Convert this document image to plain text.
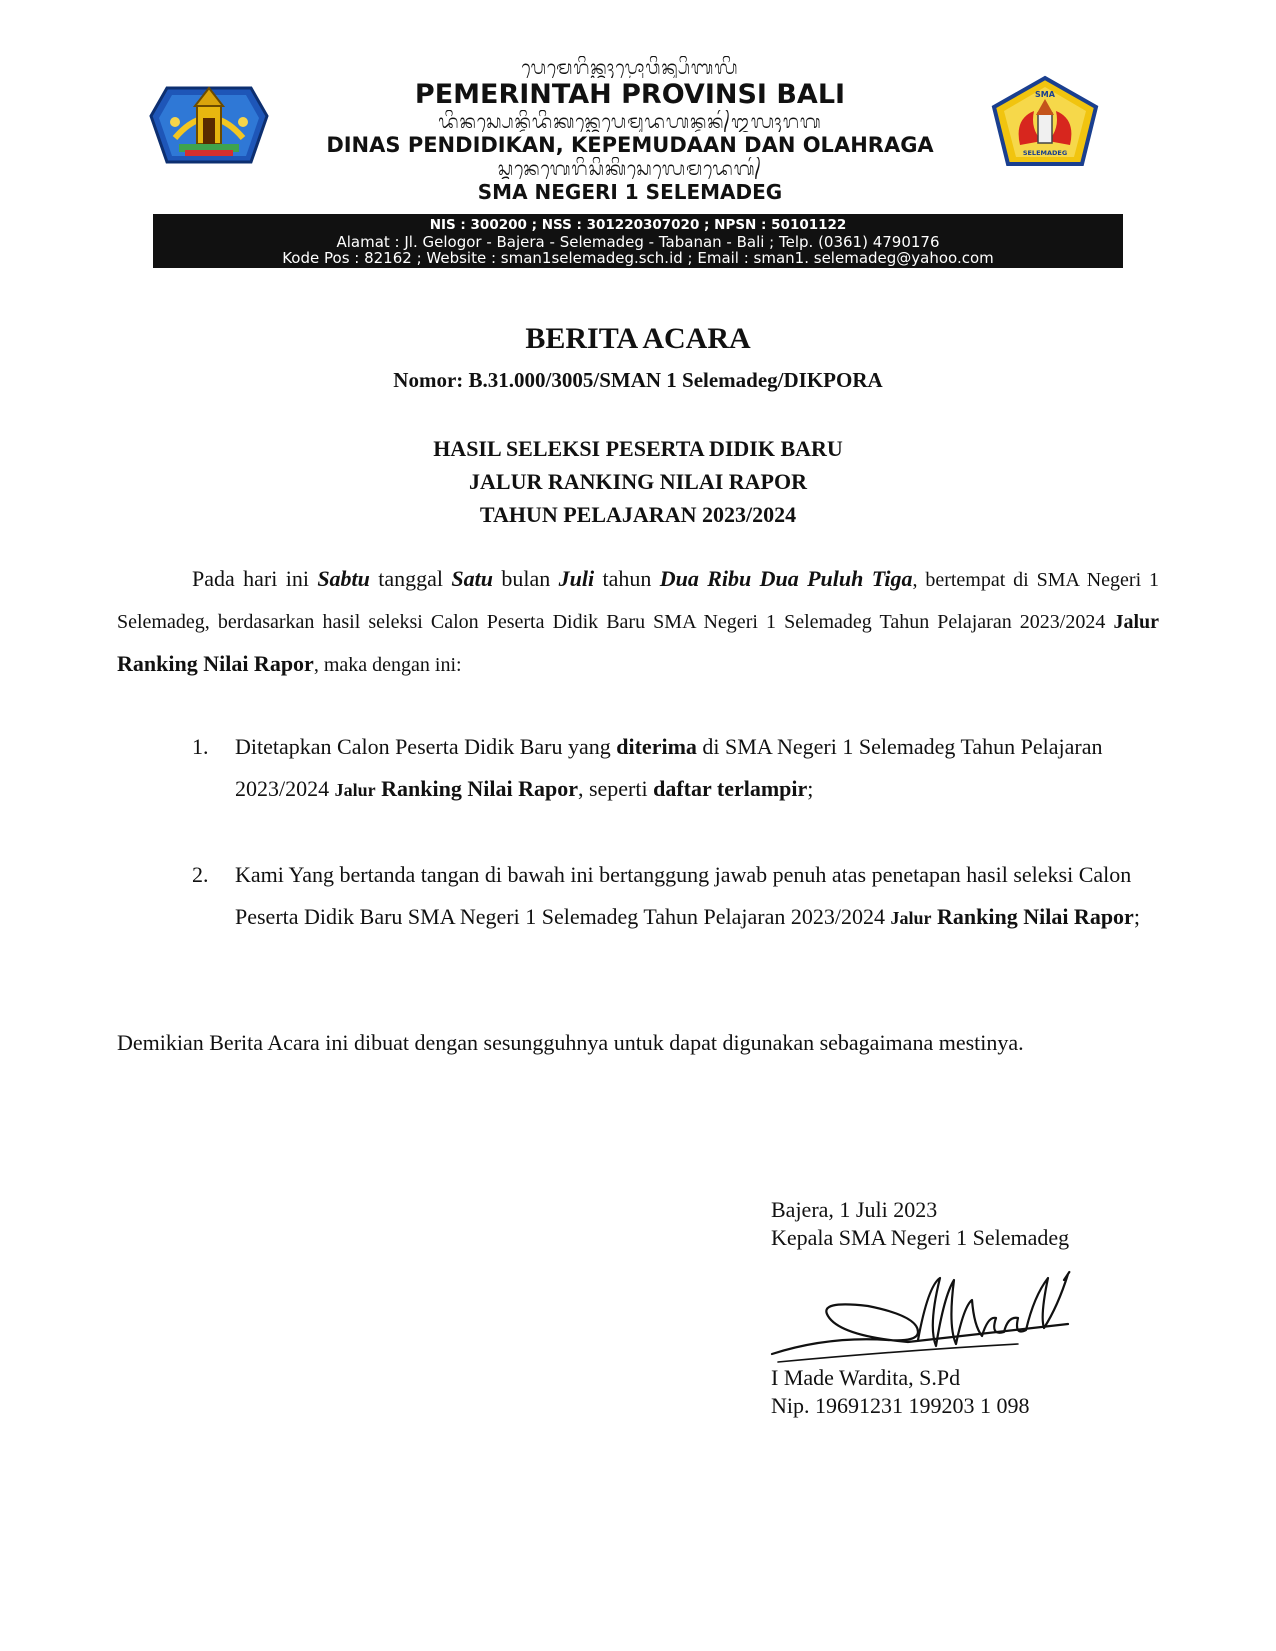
ᬧᬾᬫᬾᬭᬶᬦ᭄ᬢᬄᬧ᭄ᬭᭀᬯᬶᬦ᭄ᬲᬶᬩᬮᬶ
PEMERINTAH PROVINSI BALI
ᬤᬶᬦᬲ᭄ᬧᬾᬦ᭄ᬤᬶᬤᬶᬓᬦ᭄ᬓᬾᬧᬾᬫᬸᬤᬳᬦ᭄ᬤᬦ᭄ᬑᬮᬄᬭᬕ
DINAS PENDIDIKAN, KEPEMUDAAN DAN OLAHRAGA
ᬲ᭄ᬫᬦᬾᬕᬾᬭᬶᬲᬶᬓᬶᬲᬾᬮᬾᬫᬤᬾᬕ᭄
SMA NEGERI 1 SELEMADEG
SMA
SELEMADEG
NIS : 300200 ; NSS : 301220307020 ; NPSN : 50101122
Alamat : Jl. Gelogor - Bajera - Selemadeg - Tabanan - Bali ; Telp. (0361) 4790176
Kode Pos : 82162 ; Website : sman1selemadeg.sch.id ; Email : sman1. selemadeg@yahoo.com
BERITA ACARA
Nomor: B.31.000/3005/SMAN 1 Selemadeg/DIKPORA
HASIL SELEKSI PESERTA DIDIK BARU
JALUR RANKING NILAI RAPOR
TAHUN PELAJARAN 2023/2024

Pada hari ini Sabtu tanggal Satu bulan Juli tahun Dua Ribu Dua Puluh Tiga, bertempat di SMA Negeri 1 Selemadeg, berdasarkan hasil seleksi Calon Peserta Didik Baru SMA Negeri 1 Selemadeg Tahun Pelajaran 2023/2024 Jalur Ranking Nilai Rapor, maka dengan ini:

1.	Ditetapkan Calon Peserta Didik Baru yang diterima di SMA Negeri 1 Selemadeg Tahun Pelajaran 2023/2024 Jalur Ranking Nilai Rapor, seperti daftar terlampir;
2.	Kami Yang bertanda tangan di bawah ini bertanggung jawab penuh atas penetapan hasil seleksi Calon Peserta Didik Baru SMA Negeri 1 Selemadeg Tahun Pelajaran 2023/2024 Jalur Ranking Nilai Rapor;
Demikian Berita Acara ini dibuat dengan sesungguhnya untuk dapat digunakan sebagaimana mestinya.
Bajera, 1 Juli 2023
Kepala SMA Negeri 1 Selemadeg
I Made Wardita, S.Pd
Nip. 19691231 199203 1 098
